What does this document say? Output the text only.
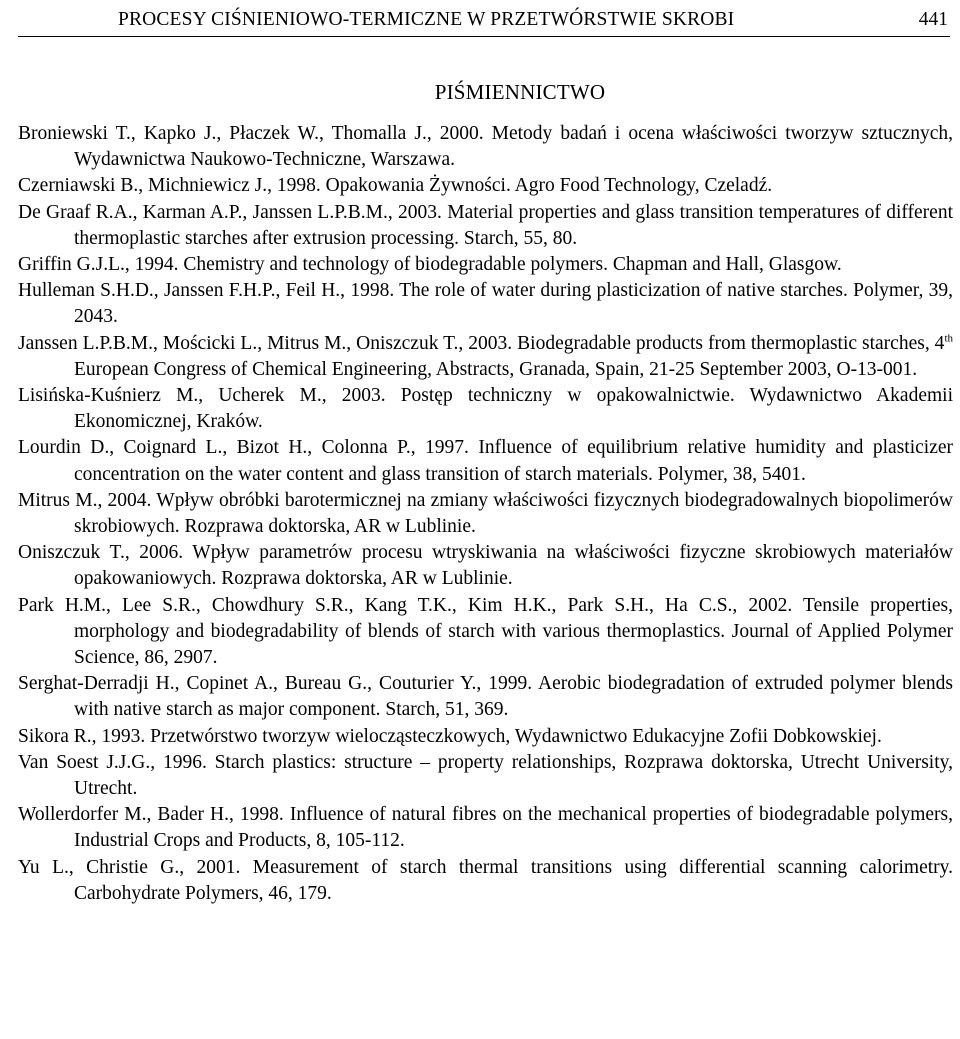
PROCESY CIŚNIENIOWO-TERMICZNE W PRZETWÓRSTWIE SKROBI	441
PIŚMIENNICTWO
Broniewski T., Kapko J., Płaczek W., Thomalla J., 2000. Metody badań i ocena właściwości tworzyw sztucznych, Wydawnictwa Naukowo-Techniczne, Warszawa.
Czerniawski B., Michniewicz J., 1998. Opakowania Żywności. Agro Food Technology, Czeladź.
De Graaf R.A., Karman A.P., Janssen L.P.B.M., 2003. Material properties and glass transition temperatures of different thermoplastic starches after extrusion processing. Starch, 55, 80.
Griffin G.J.L., 1994. Chemistry and technology of biodegradable polymers. Chapman and Hall, Glasgow.
Hulleman S.H.D., Janssen F.H.P., Feil H., 1998. The role of water during plasticization of native starches. Polymer, 39, 2043.
Janssen L.P.B.M., Mościcki L., Mitrus M., Oniszczuk T., 2003. Biodegradable products from thermoplastic starches, 4th European Congress of Chemical Engineering, Abstracts, Granada, Spain, 21-25 September 2003, O-13-001.
Lisińska-Kuśnierz M., Ucherek M., 2003. Postęp techniczny w opakowalnictwie. Wydawnictwo Akademii Ekonomicznej, Kraków.
Lourdin D., Coignard L., Bizot H., Colonna P., 1997. Influence of equilibrium relative humidity and plasticizer concentration on the water content and glass transition of starch materials. Polymer, 38, 5401.
Mitrus M., 2004. Wpływ obróbki barotermicznej na zmiany właściwości fizycznych biodegradowalnych biopolimerów skrobiowych. Rozprawa doktorska, AR w Lublinie.
Oniszczuk T., 2006. Wpływ parametrów procesu wtryskiwania na właściwości fizyczne skrobiowych materiałów opakowaniowych. Rozprawa doktorska, AR w Lublinie.
Park H.M., Lee S.R., Chowdhury S.R., Kang T.K., Kim H.K., Park S.H., Ha C.S., 2002. Tensile properties, morphology and biodegradability of blends of starch with various thermoplastics. Journal of Applied Polymer Science, 86, 2907.
Serghat-Derradji H., Copinet A., Bureau G., Couturier Y., 1999. Aerobic biodegradation of extruded polymer blends with native starch as major component. Starch, 51, 369.
Sikora R., 1993. Przetwórstwo tworzyw wielocząsteczkowych, Wydawnictwo Edukacyjne Zofii Dobkowskiej.
Van Soest J.J.G., 1996. Starch plastics: structure – property relationships, Rozprawa doktorska, Utrecht University, Utrecht.
Wollerdorfer M., Bader H., 1998. Influence of natural fibres on the mechanical properties of biodegradable polymers, Industrial Crops and Products, 8, 105-112.
Yu L., Christie G., 2001. Measurement of starch thermal transitions using differential scanning calorimetry. Carbohydrate Polymers, 46, 179.
